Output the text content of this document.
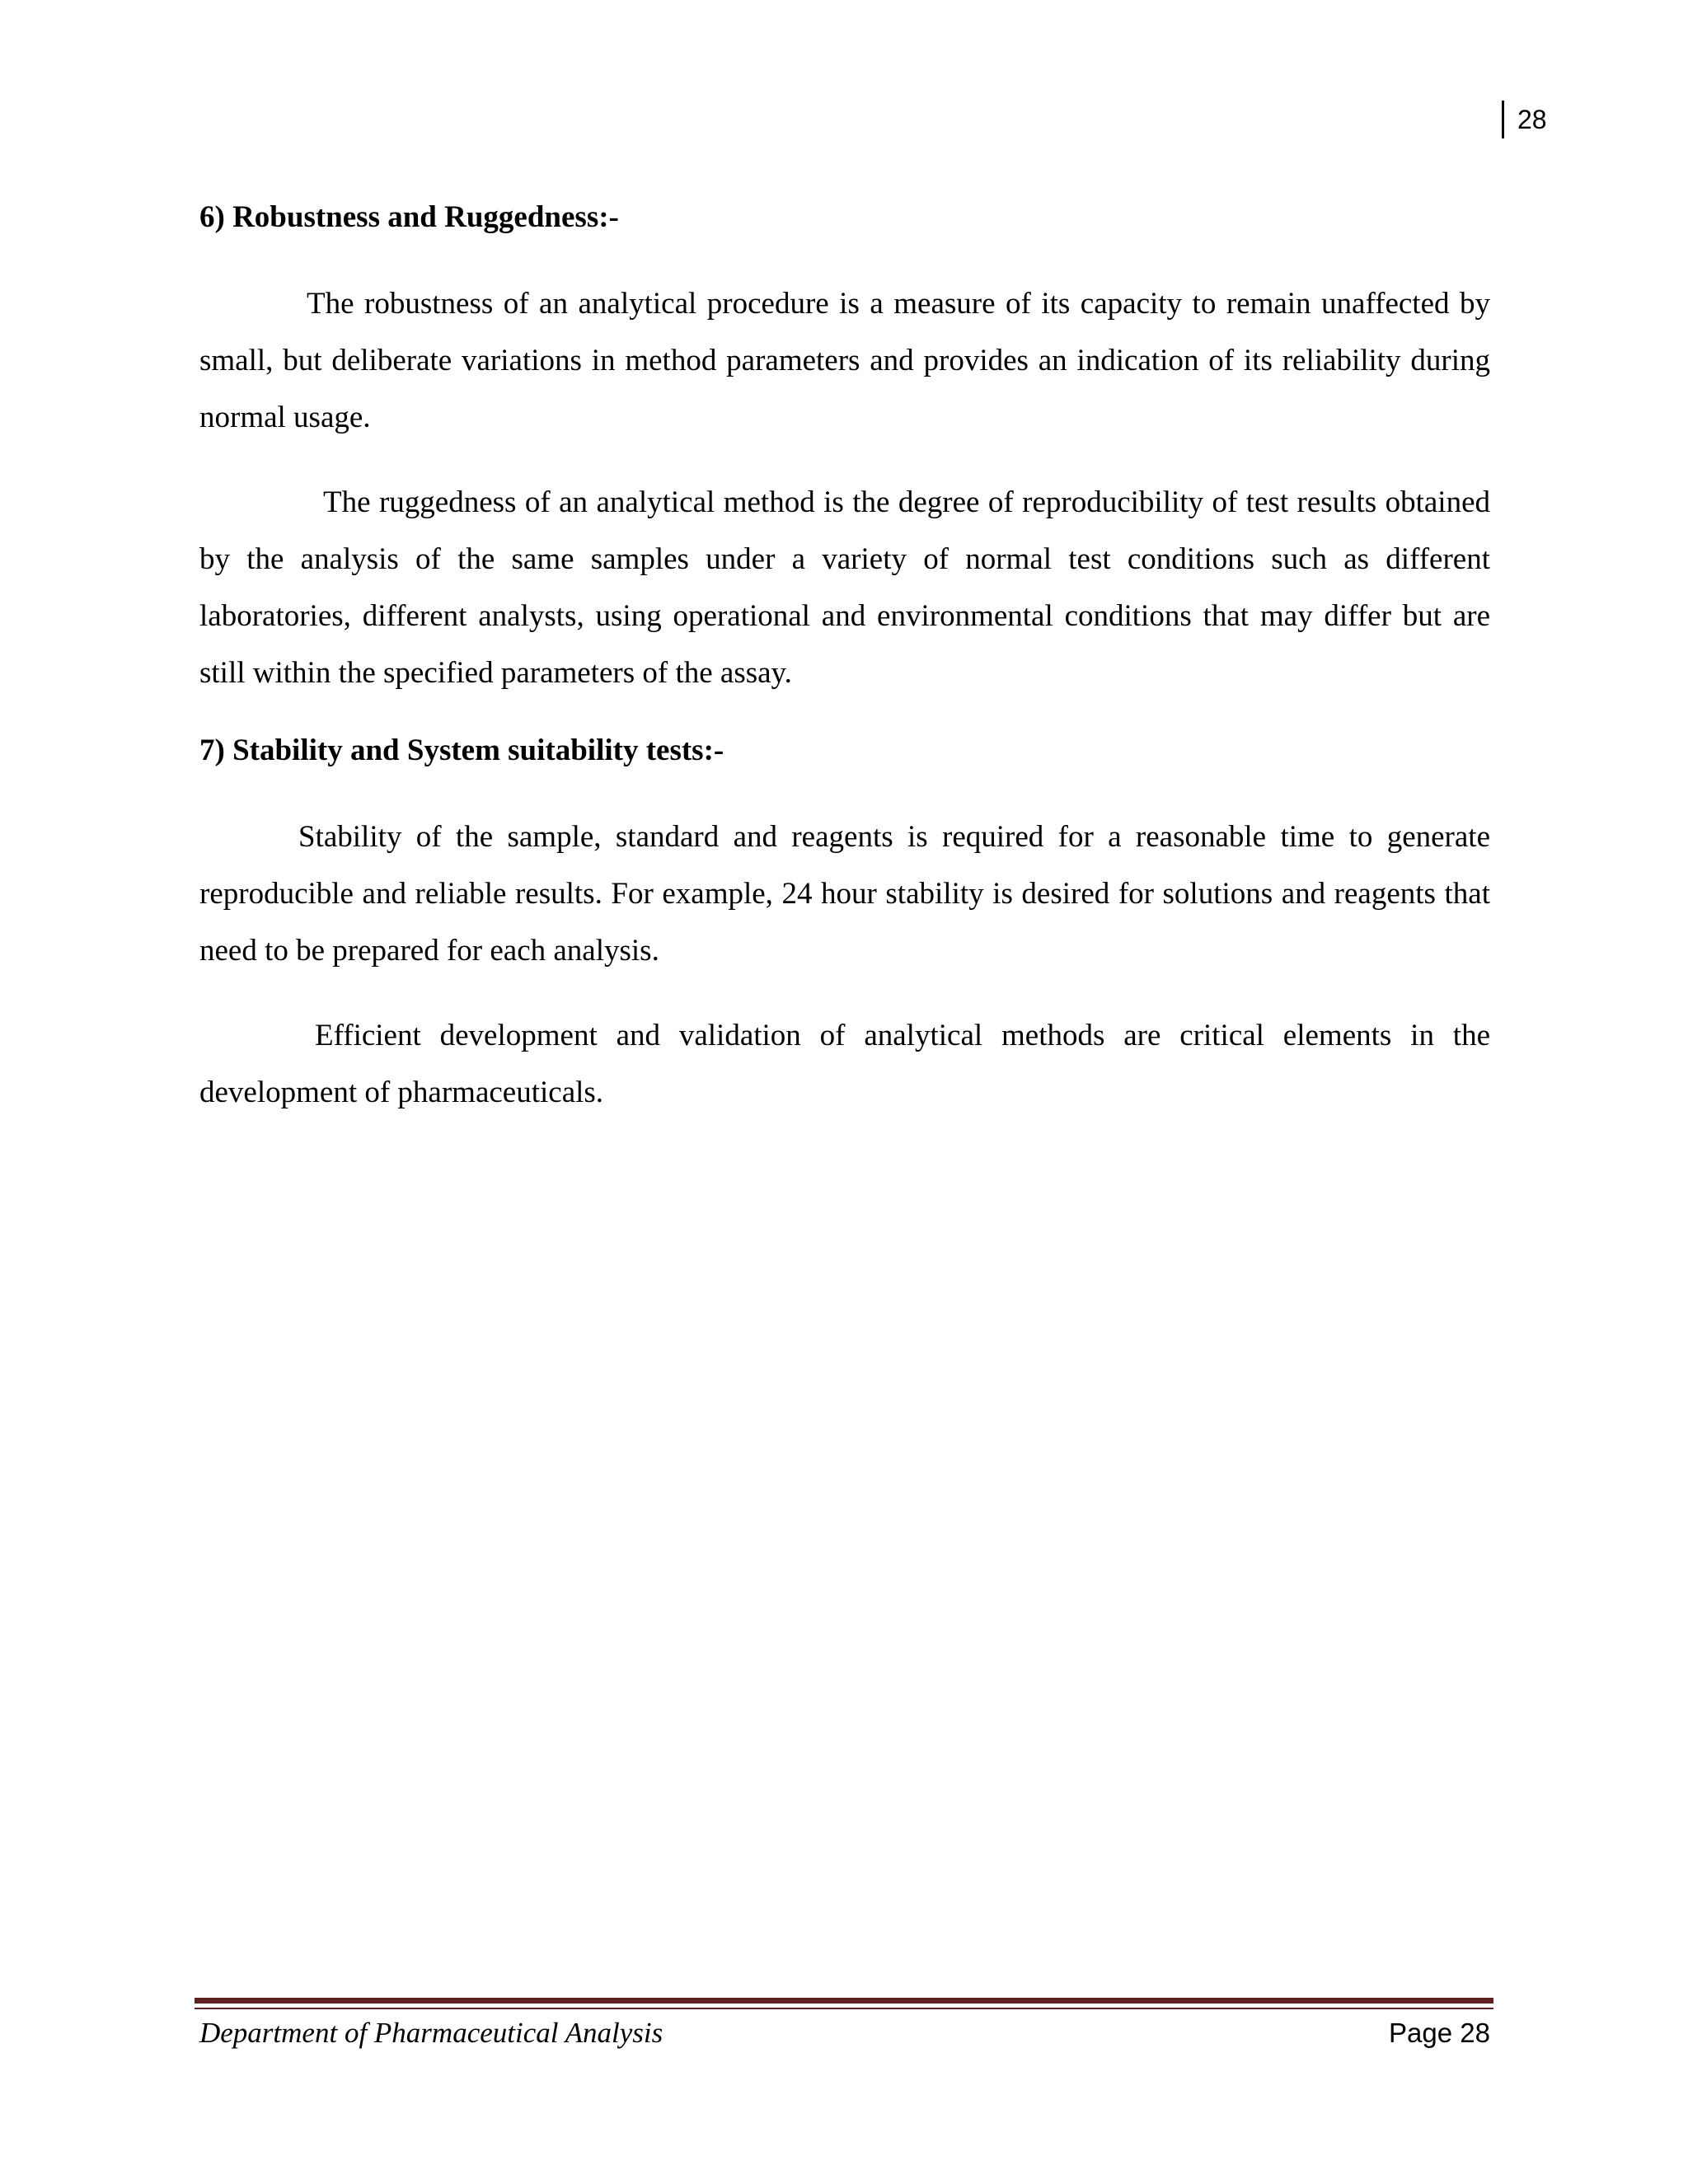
28
6) Robustness and Ruggedness:-

The robustness of an analytical procedure is a measure of its capacity to remain unaffected by small, but deliberate variations in method parameters and provides an indication of its reliability during normal usage.

The ruggedness of an analytical method is the degree of reproducibility of test results obtained by the analysis of the same samples under a variety of normal test conditions such as different laboratories, different analysts, using operational and environmental conditions that may differ but are still within the specified parameters of the assay.

7) Stability and System suitability tests:-

Stability of the sample, standard and reagents is required for a reasonable time to generate reproducible and reliable results. For example, 24 hour stability is desired for solutions and reagents that need to be prepared for each analysis.

Efficient development and validation of analytical methods are critical elements in the development of pharmaceuticals.

Department of Pharmaceutical Analysis	Page 28
